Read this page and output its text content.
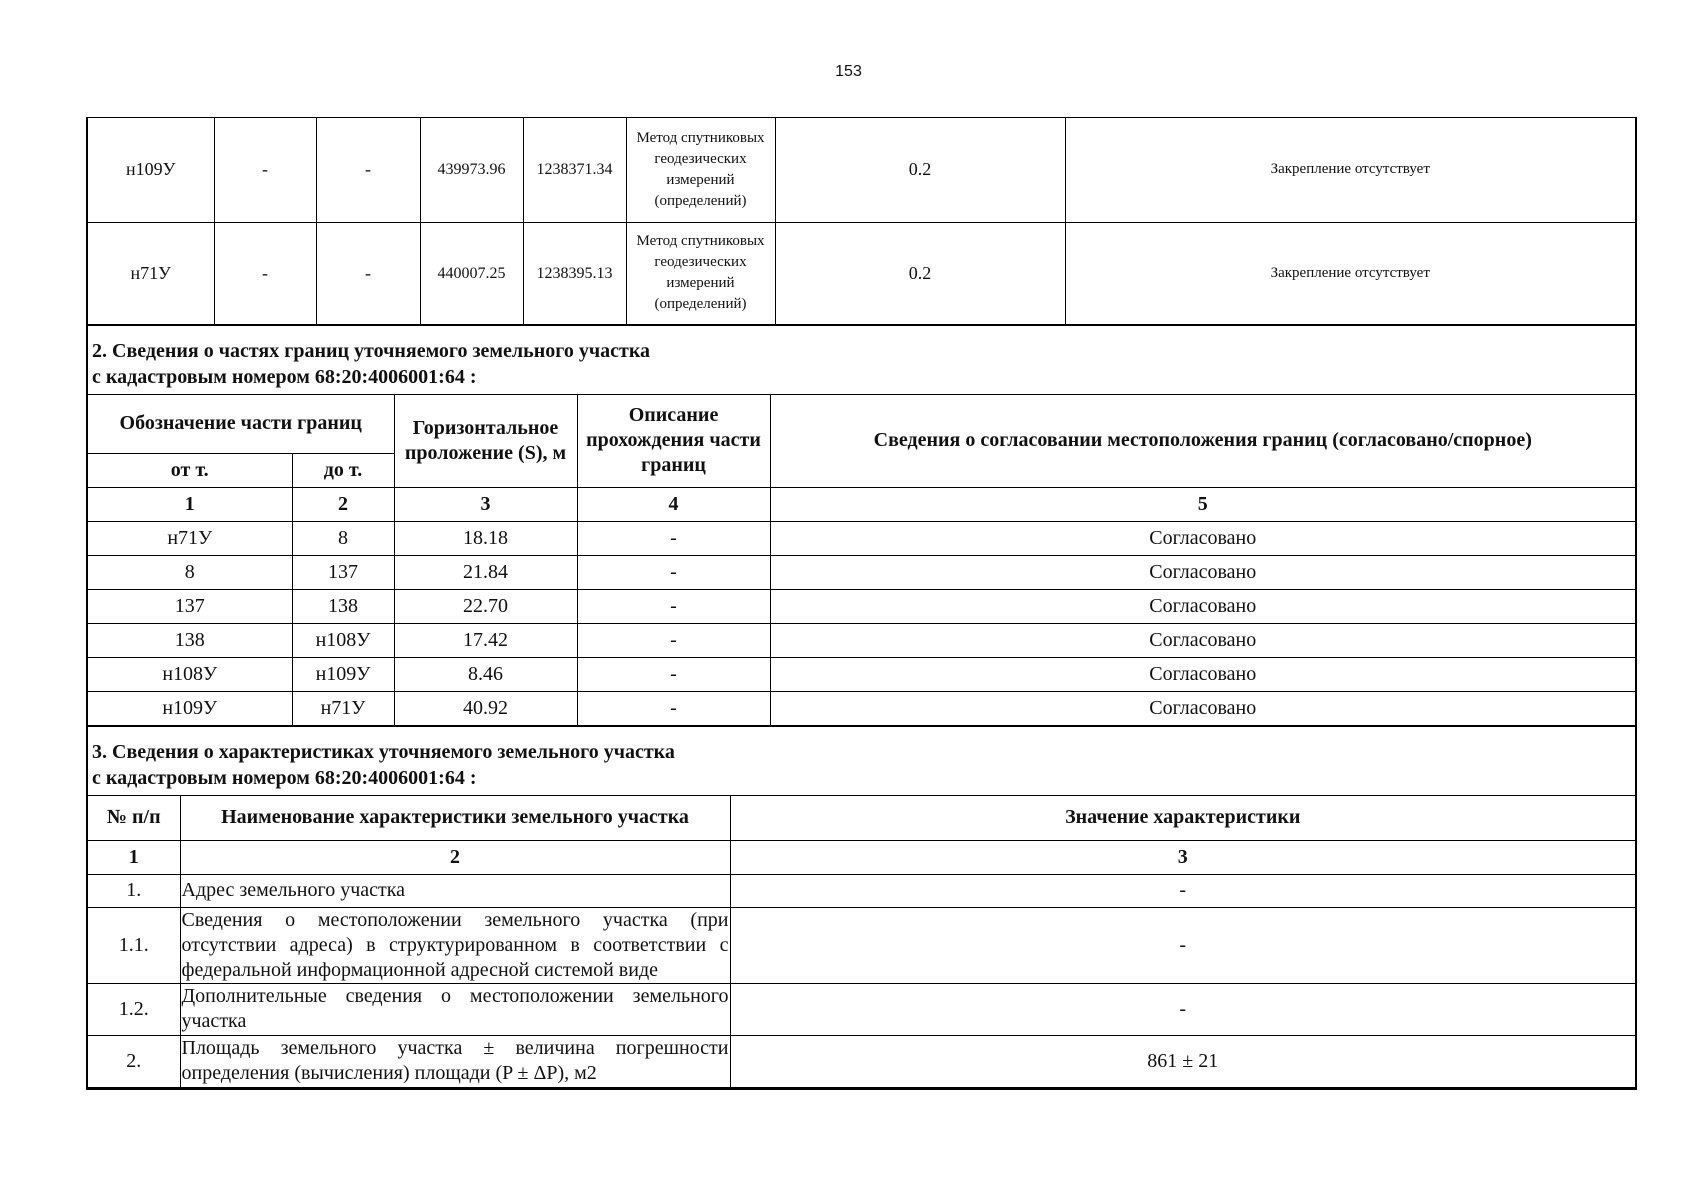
153
н109У	-	-	439973.96	1238371.34	Метод спутниковых геодезических измерений (определений)	0.2	Закрепление отсутствует
н71У	-	-	440007.25	1238395.13	Метод спутниковых геодезических измерений (определений)	0.2	Закрепление отсутствует
2. Сведения о частях границ уточняемого земельного участка
с кадастровым номером 68:20:4006001:64 :
Обозначение части границ		Горизонтальное проложение (S), м	Описание прохождения части границ	Сведения о согласовании местоположения границ (согласовано/спорное)
от т.	до т.			
1	2	3	4	5
н71У	8	18.18	-	Согласовано
8	137	21.84	-	Согласовано
137	138	22.70	-	Согласовано
138	н108У	17.42	-	Согласовано
н108У	н109У	8.46	-	Согласовано
н109У	н71У	40.92	-	Согласовано
3. Сведения о характеристиках уточняемого земельного участка
с кадастровым номером 68:20:4006001:64 :
№ п/п	Наименование характеристики земельного участка	Значение характеристики
1	2	3
1.	Адрес земельного участка	-
1.1.	Сведения о местоположении земельного участка (при отсутствии адреса) в структурированном в соответствии с федеральной информационной адресной системой виде	-
1.2.	Дополнительные сведения о местоположении земельного участка	-
2.	Площадь земельного участка ± величина погрешности определения (вычисления) площади (P ± ΔP), м2	861 ± 21
